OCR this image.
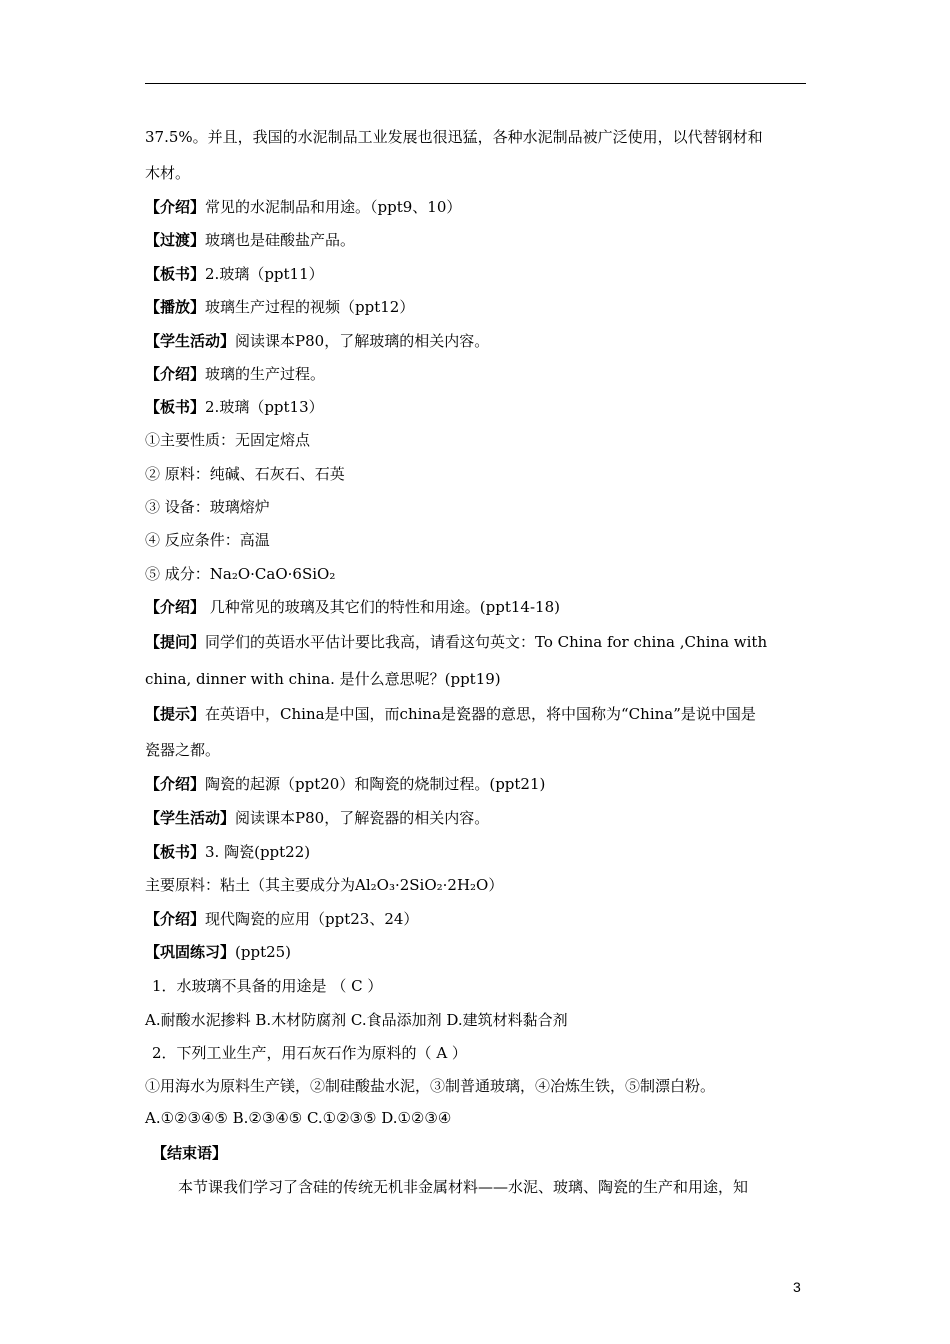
37.5%。并且，我国的水泥制品工业发展也很迅猛，各种水泥制品被广泛使用，以代替钢材和
木材。
【介绍】常见的水泥制品和用途。（ppt9、10）
【过渡】玻璃也是硅酸盐产品。
【板书】2.玻璃（ppt11）
【播放】玻璃生产过程的视频（ppt12）
【学生活动】阅读课本P80，了解玻璃的相关内容。
【介绍】玻璃的生产过程。
【板书】2.玻璃（ppt13）
①主要性质：无固定熔点
② 原料：纯碱、石灰石、石英
③ 设备：玻璃熔炉
④ 反应条件：高温
⑤ 成分：Na₂O·CaO·6SiO₂
【介绍】 几种常见的玻璃及其它们的特性和用途。(ppt14-18)
【提问】同学们的英语水平估计要比我高，请看这句英文：To China for china ,China with
china, dinner with china. 是什么意思呢？(ppt19)
【提示】在英语中，China是中国，而china是瓷器的意思，将中国称为“China”是说中国是
瓷器之都。
【介绍】陶瓷的起源（ppt20）和陶瓷的烧制过程。(ppt21)
【学生活动】阅读课本P80，了解瓷器的相关内容。
【板书】3. 陶瓷(ppt22)
主要原料：粘土（其主要成分为Al₂O₃·2SiO₂·2H₂O）
【介绍】现代陶瓷的应用（ppt23、24）
【巩固练习】(ppt25)
1．水玻璃不具备的用途是 （ C ）
A.耐酸水泥掺料 B.木材防腐剂 C.食品添加剂 D.建筑材料黏合剂
2．下列工业生产，用石灰石作为原料的（ A ）
①用海水为原料生产镁，②制硅酸盐水泥，③制普通玻璃，④冶炼生铁，⑤制漂白粉。
A.①②③④⑤ B.②③④⑤ C.①②③⑤ D.①②③④
【结束语】
本节课我们学习了含硅的传统无机非金属材料——水泥、玻璃、陶瓷的生产和用途，知
3
